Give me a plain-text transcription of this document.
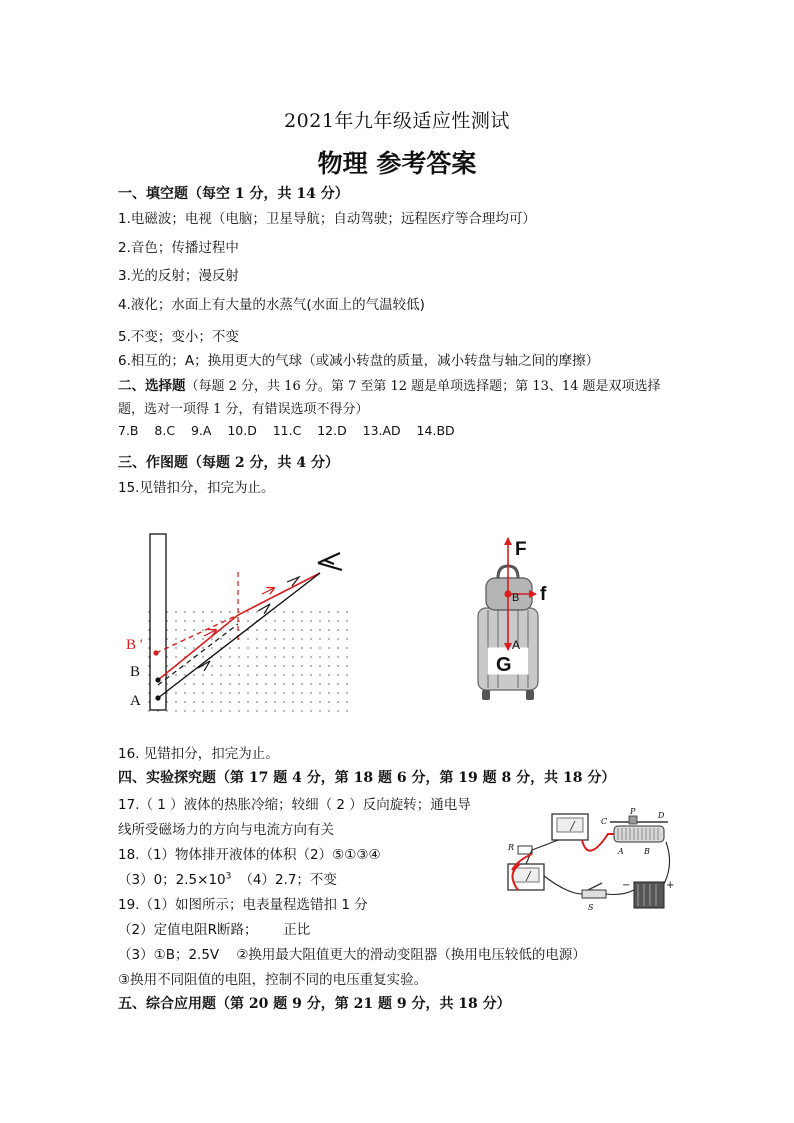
2021年九年级适应性测试
物理 参考答案
一、填空题（每空 1 分，共 14 分）
1.电磁波；电视（电脑；卫星导航；自动驾驶；远程医疗等合理均可）
2.音色；传播过程中
3.光的反射；漫反射
4.液化；水面上有大量的水蒸气(水面上的气温较低)
5.不变；变小；不变
6.相互的；A；换用更大的气球（或减小转盘的质量，减小转盘与轴之间的摩擦）
二、选择题（每题 2 分，共 16 分。第 7 至第 12 题是单项选择题；第 13、14 题是双项选择
题，选对一项得 1 分，有错误选项不得分）
7.B    8.C    9.A    10.D    11.C    12.D    13.AD    14.BD
三、作图题（每题 2 分，共 4 分）
15.见错扣分，扣完为止。
B ′
B
A
F
f
B
A
G
16. 见错扣分，扣完为止。
四、实验探究题（第 17 题 4 分，第 18 题 6 分，第 19 题 8 分，共 18 分）
17.（ 1 ）液体的热胀冷缩；较细（ 2 ）反向旋转；通电导
线所受磁场力的方向与电流方向有关
18.（1）物体排开液体的体积（2）⑤①③④
（3）0；$2.5\times 10^3$ （4）2.7；不变
19.（1）如图所示；电表量程选错扣 1 分
（2）定值电阻R断路；      正比
（3）①B；2.5V    ②换用最大阻值更大的滑动变阻器（换用电压较低的电源）
③换用不同阻值的电阻，控制不同的电压重复实验。
R
C
P	D
A	B
S
−	+
五、综合应用题（第 20 题 9 分，第 21 题 9 分，共 18 分）
